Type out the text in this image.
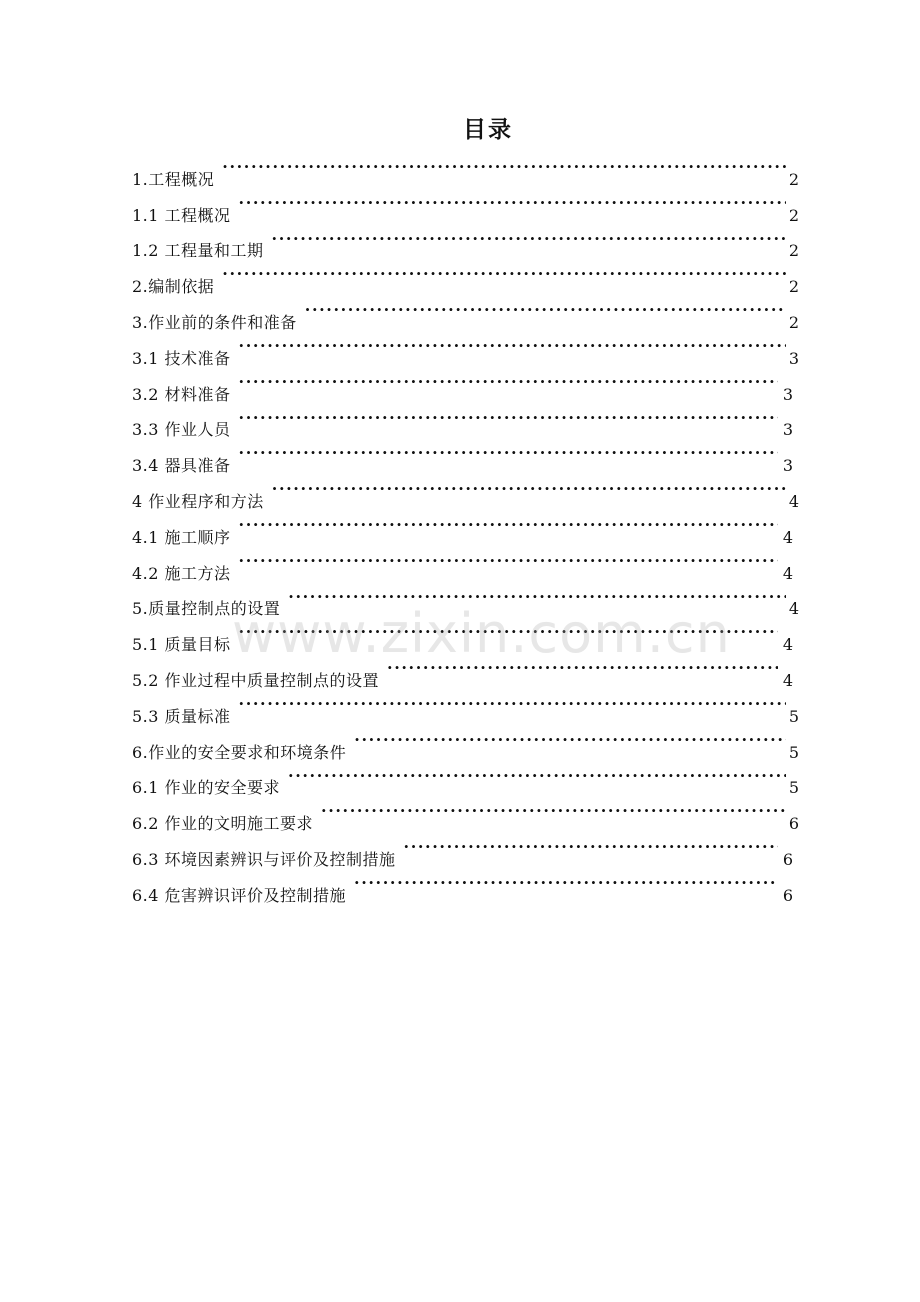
目录
1.工程概况 ·····	2
1.1 工程概况 ·····	2
1.2 工程量和工期 ·····	2
2.编制依据 ·····	2
3.作业前的条件和准备 ·····	2
3.1 技术准备 ·····	3
3.2 材料准备 ·····	3
3.3 作业人员 ·····	3
3.4 器具准备 ·····	3
4 作业程序和方法 ·····	4
4.1 施工顺序 ·····	4
4.2 施工方法 ·····	4
5.质量控制点的设置 ·····	4
5.1 质量目标 ·····	4
5.2 作业过程中质量控制点的设置 ·····	4
5.3 质量标准 ·····	5
6.作业的安全要求和环境条件 ·····	5
6.1 作业的安全要求 ·····	5
6.2 作业的文明施工要求 ·····	6
6.3 环境因素辨识与评价及控制措施 ·····	6
6.4 危害辨识评价及控制措施 ·····	6
www.zixin.com.cn
